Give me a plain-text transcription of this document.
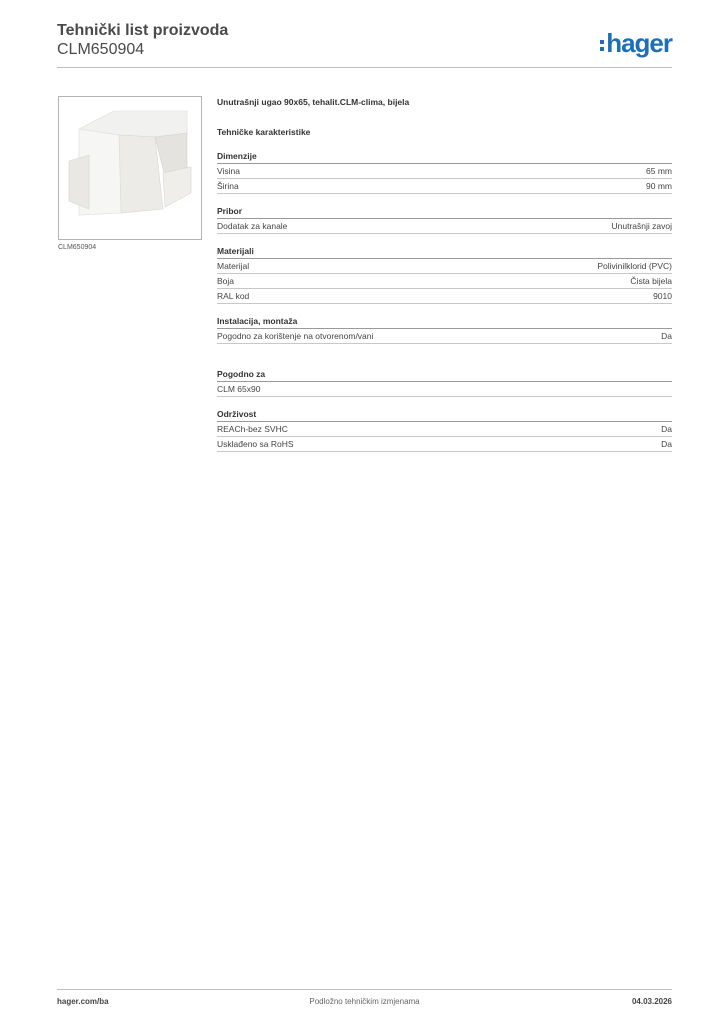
Tehnički list proizvoda
CLM650904	hager
CLM650904
Unutrašnji ugao 90x65, tehalit.CLM-clima, bijela
Tehničke karakteristike
Dimenzije
Visina	65 mm
Širina	90 mm
Pribor
Dodatak za kanale	Unutrašnji zavoj
Materijali
Materijal	Polivinilklorid (PVC)
Boja	Čista bijela
RAL kod	9010
Instalacija, montaža
Pogodno za korištenje na otvorenom/vani	Da
Pogodno za
CLM 65x90
Održivost
REACh-bez SVHC	Da
Usklađeno sa RoHS	Da
hager.com/ba	Podložno tehničkim izmjenama	04.03.2026
